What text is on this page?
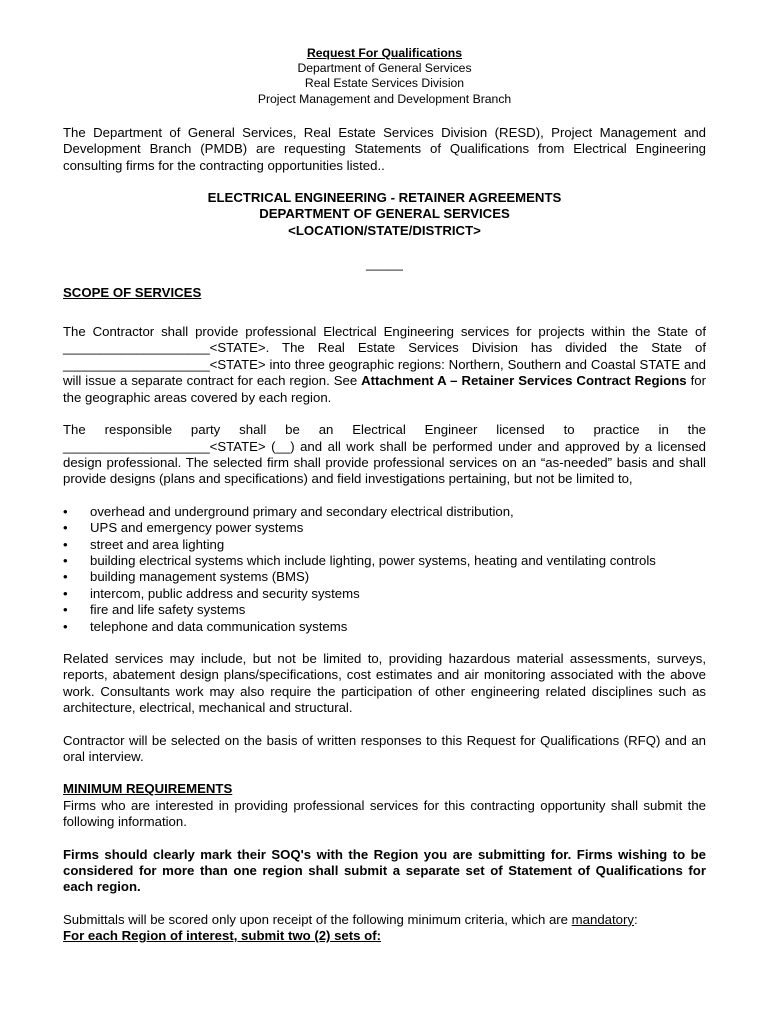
Request For Qualifications
Department of General Services
Real Estate Services Division
Project Management and Development Branch

The Department of General Services, Real Estate Services Division (RESD), Project Management and Development Branch (PMDB) are requesting Statements of Qualifications from Electrical Engineering consulting firms for the contracting opportunities listed..

ELECTRICAL ENGINEERING - RETAINER AGREEMENTS
DEPARTMENT OF GENERAL SERVICES
<LOCATION/STATE/DISTRICT>
_____
SCOPE OF SERVICES

The Contractor shall provide professional Electrical Engineering services for projects within the State of ____________________<STATE>. The Real Estate Services Division has divided the State of ____________________<STATE> into three geographic regions: Northern, Southern and Coastal STATE and will issue a separate contract for each region. See Attachment A – Retainer Services Contract Regions for the geographic areas covered by each region.

The responsible party shall be an Electrical Engineer licensed to practice in the ____________________<STATE> (__) and all work shall be performed under and approved by a licensed design professional. The selected firm shall provide professional services on an “as-needed” basis and shall provide designs (plans and specifications) and field investigations pertaining, but not be limited to,

• overhead and underground primary and secondary electrical distribution,
• UPS and emergency power systems
• street and area lighting
• building electrical systems which include lighting, power systems, heating and ventilating controls
• building management systems (BMS)
• intercom, public address and security systems
• fire and life safety systems
• telephone and data communication systems

Related services may include, but not be limited to, providing hazardous material assessments, surveys, reports, abatement design plans/specifications, cost estimates and air monitoring associated with the above work. Consultants work may also require the participation of other engineering related disciplines such as architecture, electrical, mechanical and structural.

Contractor will be selected on the basis of written responses to this Request for Qualifications (RFQ) and an oral interview.

MINIMUM REQUIREMENTS

Firms who are interested in providing professional services for this contracting opportunity shall submit the following information.

Firms should clearly mark their SOQ's with the Region you are submitting for. Firms wishing to be considered for more than one region shall submit a separate set of Statement of Qualifications for each region.

Submittals will be scored only upon receipt of the following minimum criteria, which are mandatory:

For each Region of interest, submit two (2) sets of:
